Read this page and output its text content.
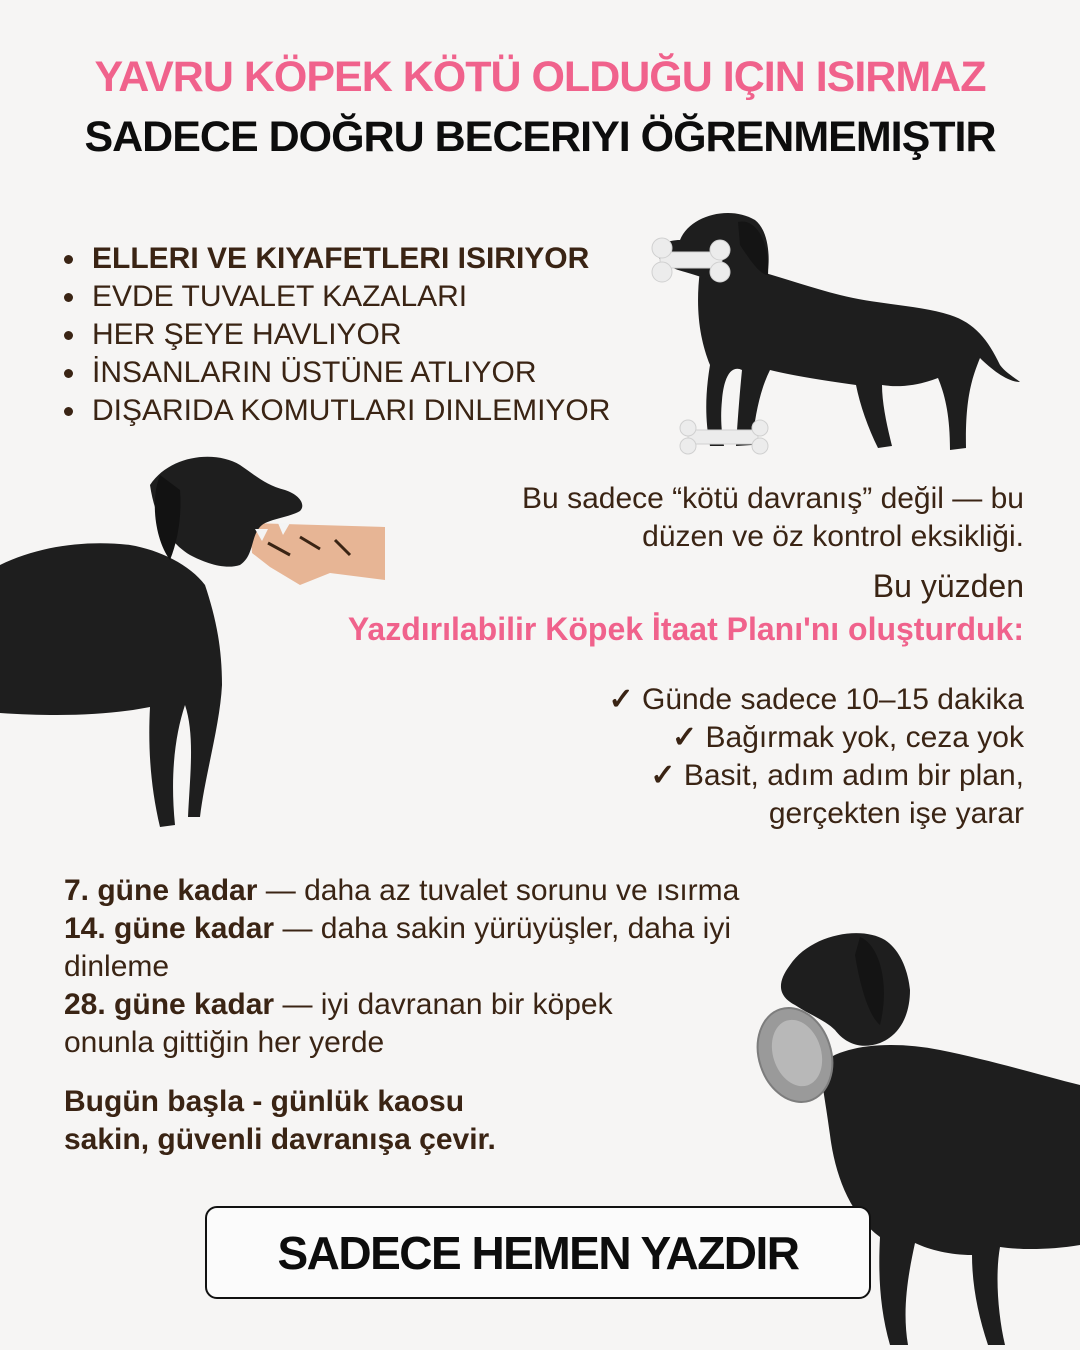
YAVRU KÖPEK KÖTÜ OLDUĞU IÇIN ISIRMAZ
SADECE DOĞRU BECERIYI ÖĞRENMEMIŞTIR
ELLERI VE KIYAFETLERI ISIRIYOR
EVDE TUVALET KAZALARI
HER ŞEYE HAVLIYOR
İNSANLARIN ÜSTÜNE ATLIYOR
DIŞARIDA KOMUTLARI DINLEMIYOR
Bu sadece “kötü davranış” değil — bu
düzen ve öz kontrol eksikliği.
Bu yüzden
Yazdırılabilir Köpek İtaat Planı'nı oluşturduk:
✓ Günde sadece 10–15 dakika
✓ Bağırmak yok, ceza yok
✓ Basit, adım adım bir plan,
gerçekten işe yarar
7. güne kadar — daha az tuvalet sorunu ve ısırma
14. güne kadar — daha sakin yürüyüşler, daha iyi dinleme
28. güne kadar — iyi davranan bir köpek onunla gittiğin her yerde
Bugün başla - günlük kaosu
sakin, güvenli davranışa çevir.
SADECE HEMEN YAZDIR
